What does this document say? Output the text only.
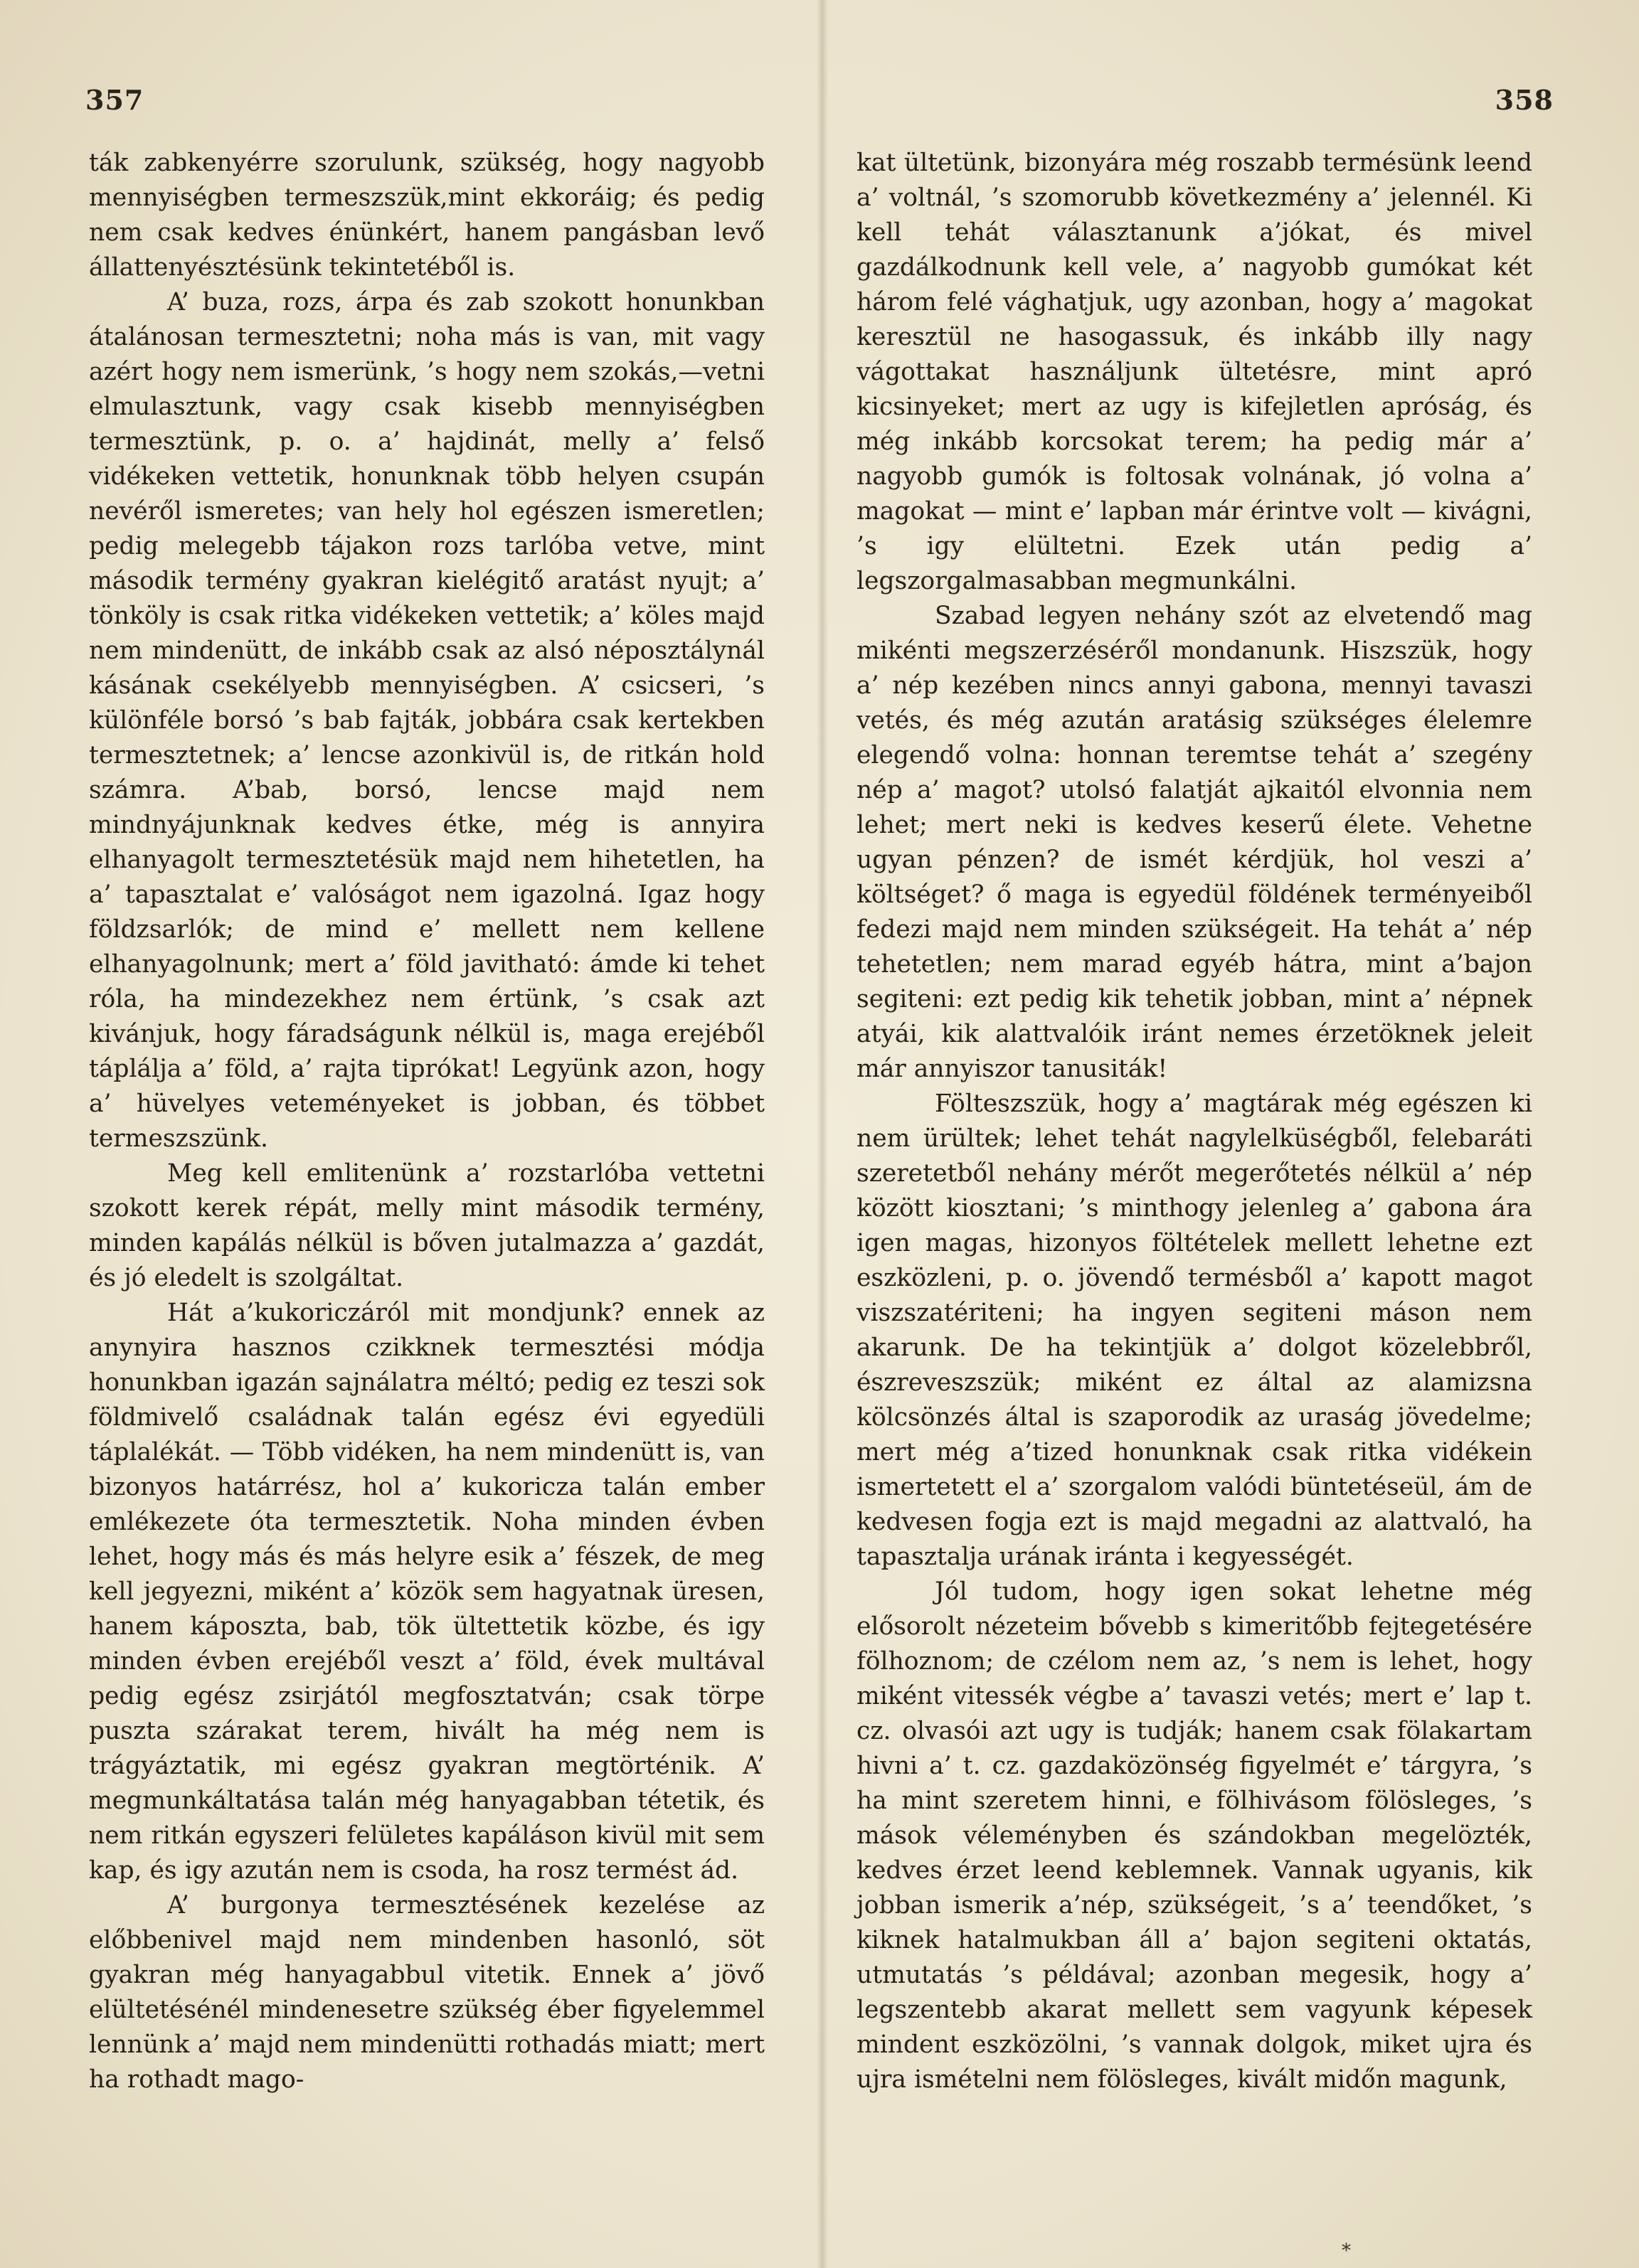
357	358

ták zabkenyérre szorulunk, szükség, hogy nagyobb mennyiségben termeszszük,mint ekkoráig; és pedig nem csak kedves énünkért, hanem pangásban levő állattenyésztésünk tekintetéből is.

A’ buza, rozs, árpa és zab szokott honunkban átalánosan termesztetni; noha más is van, mit vagy azért hogy nem ismerünk, ’s hogy nem szokás,—vetni elmulasztunk, vagy csak kisebb mennyiségben termesztünk, p. o. a’ hajdinát, melly a’ felső vidékeken vettetik, honunknak több helyen csupán nevéről ismeretes; van hely hol egészen ismeretlen; pedig melegebb tájakon rozs tarlóba vetve, mint második termény gyakran kielégitő aratást nyujt; a’ tönköly is csak ritka vidékeken vettetik; a’ köles majd nem mindenütt, de inkább csak az alsó néposztálynál kásának csekélyebb mennyiségben. A’ csicseri, ’s különféle borsó ’s bab fajták, jobbára csak kertekben termesztetnek; a’ lencse azonkivül is, de ritkán hold számra. A’bab, borsó, lencse majd nem mindnyájunknak kedves étke, még is annyira elhanyagolt termesztetésük majd nem hihetetlen, ha a’ tapasztalat e’ valóságot nem igazolná. Igaz hogy földzsarlók; de mind e’ mellett nem kellene elhanyagolnunk; mert a’ föld javitható: ámde ki tehet róla, ha mindezekhez nem értünk, ’s csak azt kivánjuk, hogy fáradságunk nélkül is, maga erejéből táplálja a’ föld, a’ rajta tiprókat! Legyünk azon, hogy a’ hüvelyes veteményeket is jobban, és többet termeszszünk.

Meg kell emlitenünk a’ rozstarlóba vettetni szokott kerek répát, melly mint második termény, minden kapálás nélkül is bőven jutalmazza a’ gazdát, és jó eledelt is szolgáltat.

Hát a’kukoriczáról mit mondjunk? ennek az anynyira hasznos czikknek termesztési módja honunkban igazán sajnálatra méltó; pedig ez teszi sok földmivelő családnak talán egész évi egyedüli táplalékát. — Több vidéken, ha nem mindenütt is, van bizonyos határrész, hol a’ kukoricza talán ember emlékezete óta termesztetik. Noha minden évben lehet, hogy más és más helyre esik a’ fészek, de meg kell jegyezni, miként a’ közök sem hagyatnak üresen, hanem káposzta, bab, tök ültettetik közbe, és igy minden évben erejéből veszt a’ föld, évek multával pedig egész zsirjától megfosztatván; csak törpe puszta szárakat terem, hivált ha még nem is trágyáztatik, mi egész gyakran megtörténik. A’ megmunkáltatása talán még hanyagabban tétetik, és nem ritkán egyszeri felületes kapáláson kivül mit sem kap, és igy azután nem is csoda, ha rosz termést ád.

A’ burgonya termesztésének kezelése az előbbenivel majd nem mindenben hasonló, söt gyakran még hanyagabbul vitetik. Ennek a’ jövő elültetésénél mindenesetre szükség éber figyelemmel lennünk a’ majd nem mindenütti rothadás miatt; mert ha rothadt mago-

kat ültetünk, bizonyára még roszabb termésünk leend a’ voltnál, ’s szomorubb következmény a’ jelennél. Ki kell tehát választanunk a’jókat, és mivel gazdálkodnunk kell vele, a’ nagyobb gumókat két három felé vághatjuk, ugy azonban, hogy a’ magokat keresztül ne hasogassuk, és inkább illy nagy vágottakat használjunk ültetésre, mint apró kicsinyeket; mert az ugy is kifejletlen apróság, és még inkább korcsokat terem; ha pedig már a’ nagyobb gumók is foltosak volnának, jó volna a’ magokat — mint e’ lapban már érintve volt — kivágni, ’s igy elültetni. Ezek után pedig a’ legszorgalmasabban megmunkálni.

Szabad legyen nehány szót az elvetendő mag mikénti megszerzéséről mondanunk. Hiszszük, hogy a’ nép kezében nincs annyi gabona, mennyi tavaszi vetés, és még azután aratásig szükséges élelemre elegendő volna: honnan teremtse tehát a’ szegény nép a’ magot? utolsó falatját ajkaitól elvonnia nem lehet; mert neki is kedves keserű élete. Vehetne ugyan pénzen? de ismét kérdjük, hol veszi a’ költséget? ő maga is egyedül földének terményeiből fedezi majd nem minden szükségeit. Ha tehát a’ nép tehetetlen; nem marad egyéb hátra, mint a’bajon segiteni: ezt pedig kik tehetik jobban, mint a’ népnek atyái, kik alattvalóik iránt nemes érzetöknek jeleit már annyiszor tanusiták!

Fölteszszük, hogy a’ magtárak még egészen ki nem ürültek; lehet tehát nagylelküségből, felebaráti szeretetből nehány mérőt megerőtetés nélkül a’ nép között kiosztani; ’s minthogy jelenleg a’ gabona ára igen magas, hizonyos föltételek mellett lehetne ezt eszközleni, p. o. jövendő termésből a’ kapott magot viszszatériteni; ha ingyen segiteni máson nem akarunk. De ha tekintjük a’ dolgot közelebbről, észreveszszük; miként ez által az alamizsna kölcsönzés által is szaporodik az uraság jövedelme; mert még a’tized honunknak csak ritka vidékein ismertetett el a’ szorgalom valódi büntetéseül, ám de kedvesen fogja ezt is majd megadni az alattvaló, ha tapasztalja urának iránta i kegyességét.

Jól tudom, hogy igen sokat lehetne még elősorolt nézeteim bővebb s kimeritőbb fejtegetésére fölhoznom; de czélom nem az, ’s nem is lehet, hogy miként vitessék végbe a’ tavaszi vetés; mert e’ lap t. cz. olvasói azt ugy is tudják; hanem csak fölakartam hivni a’ t. cz. gazdaközönség figyelmét e’ tárgyra, ’s ha mint szeretem hinni, e fölhivásom fölösleges, ’s mások véleményben és szándokban megelözték, kedves érzet leend keblemnek. Vannak ugyanis, kik jobban ismerik a’nép, szükségeit, ’s a’ teendőket, ’s kiknek hatalmukban áll a’ bajon segiteni oktatás, utmutatás ’s példával; azonban megesik, hogy a’ legszentebb akarat mellett sem vagyunk képesek mindent eszközölni, ’s vannak dolgok, miket ujra és ujra ismételni nem fölösleges, kivált midőn magunk,

*
